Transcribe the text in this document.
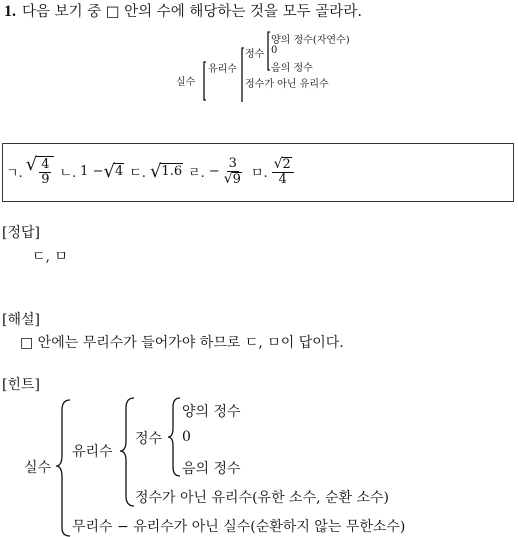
1. 다음 보기 중 □ 안의 수에 해당하는 것을 모두 골라라.
실수
유리수
정수
양의 정수(자연수)
0
음의 정수
정수가 아닌 유리수
ㄱ. √ $\frac{4}{9}$ ㄴ. 1 − √ 4 ㄷ. √ 1.6 ㄹ. − $\frac{3}{√ 9}$ ㅁ. $\frac{√ 2}{4}$
[정답]
ㄷ, ㅁ
[해설]
□ 안에는 무리수가 들어가야 하므로 ㄷ, ㅁ이 답이다.
[힌트]
실수
유리수
정수
양의 정수
0
음의 정수
정수가 아닌 유리수(유한 소수, 순환 소수)
무리수 − 유리수가 아닌 실수(순환하지 않는 무한소수)
